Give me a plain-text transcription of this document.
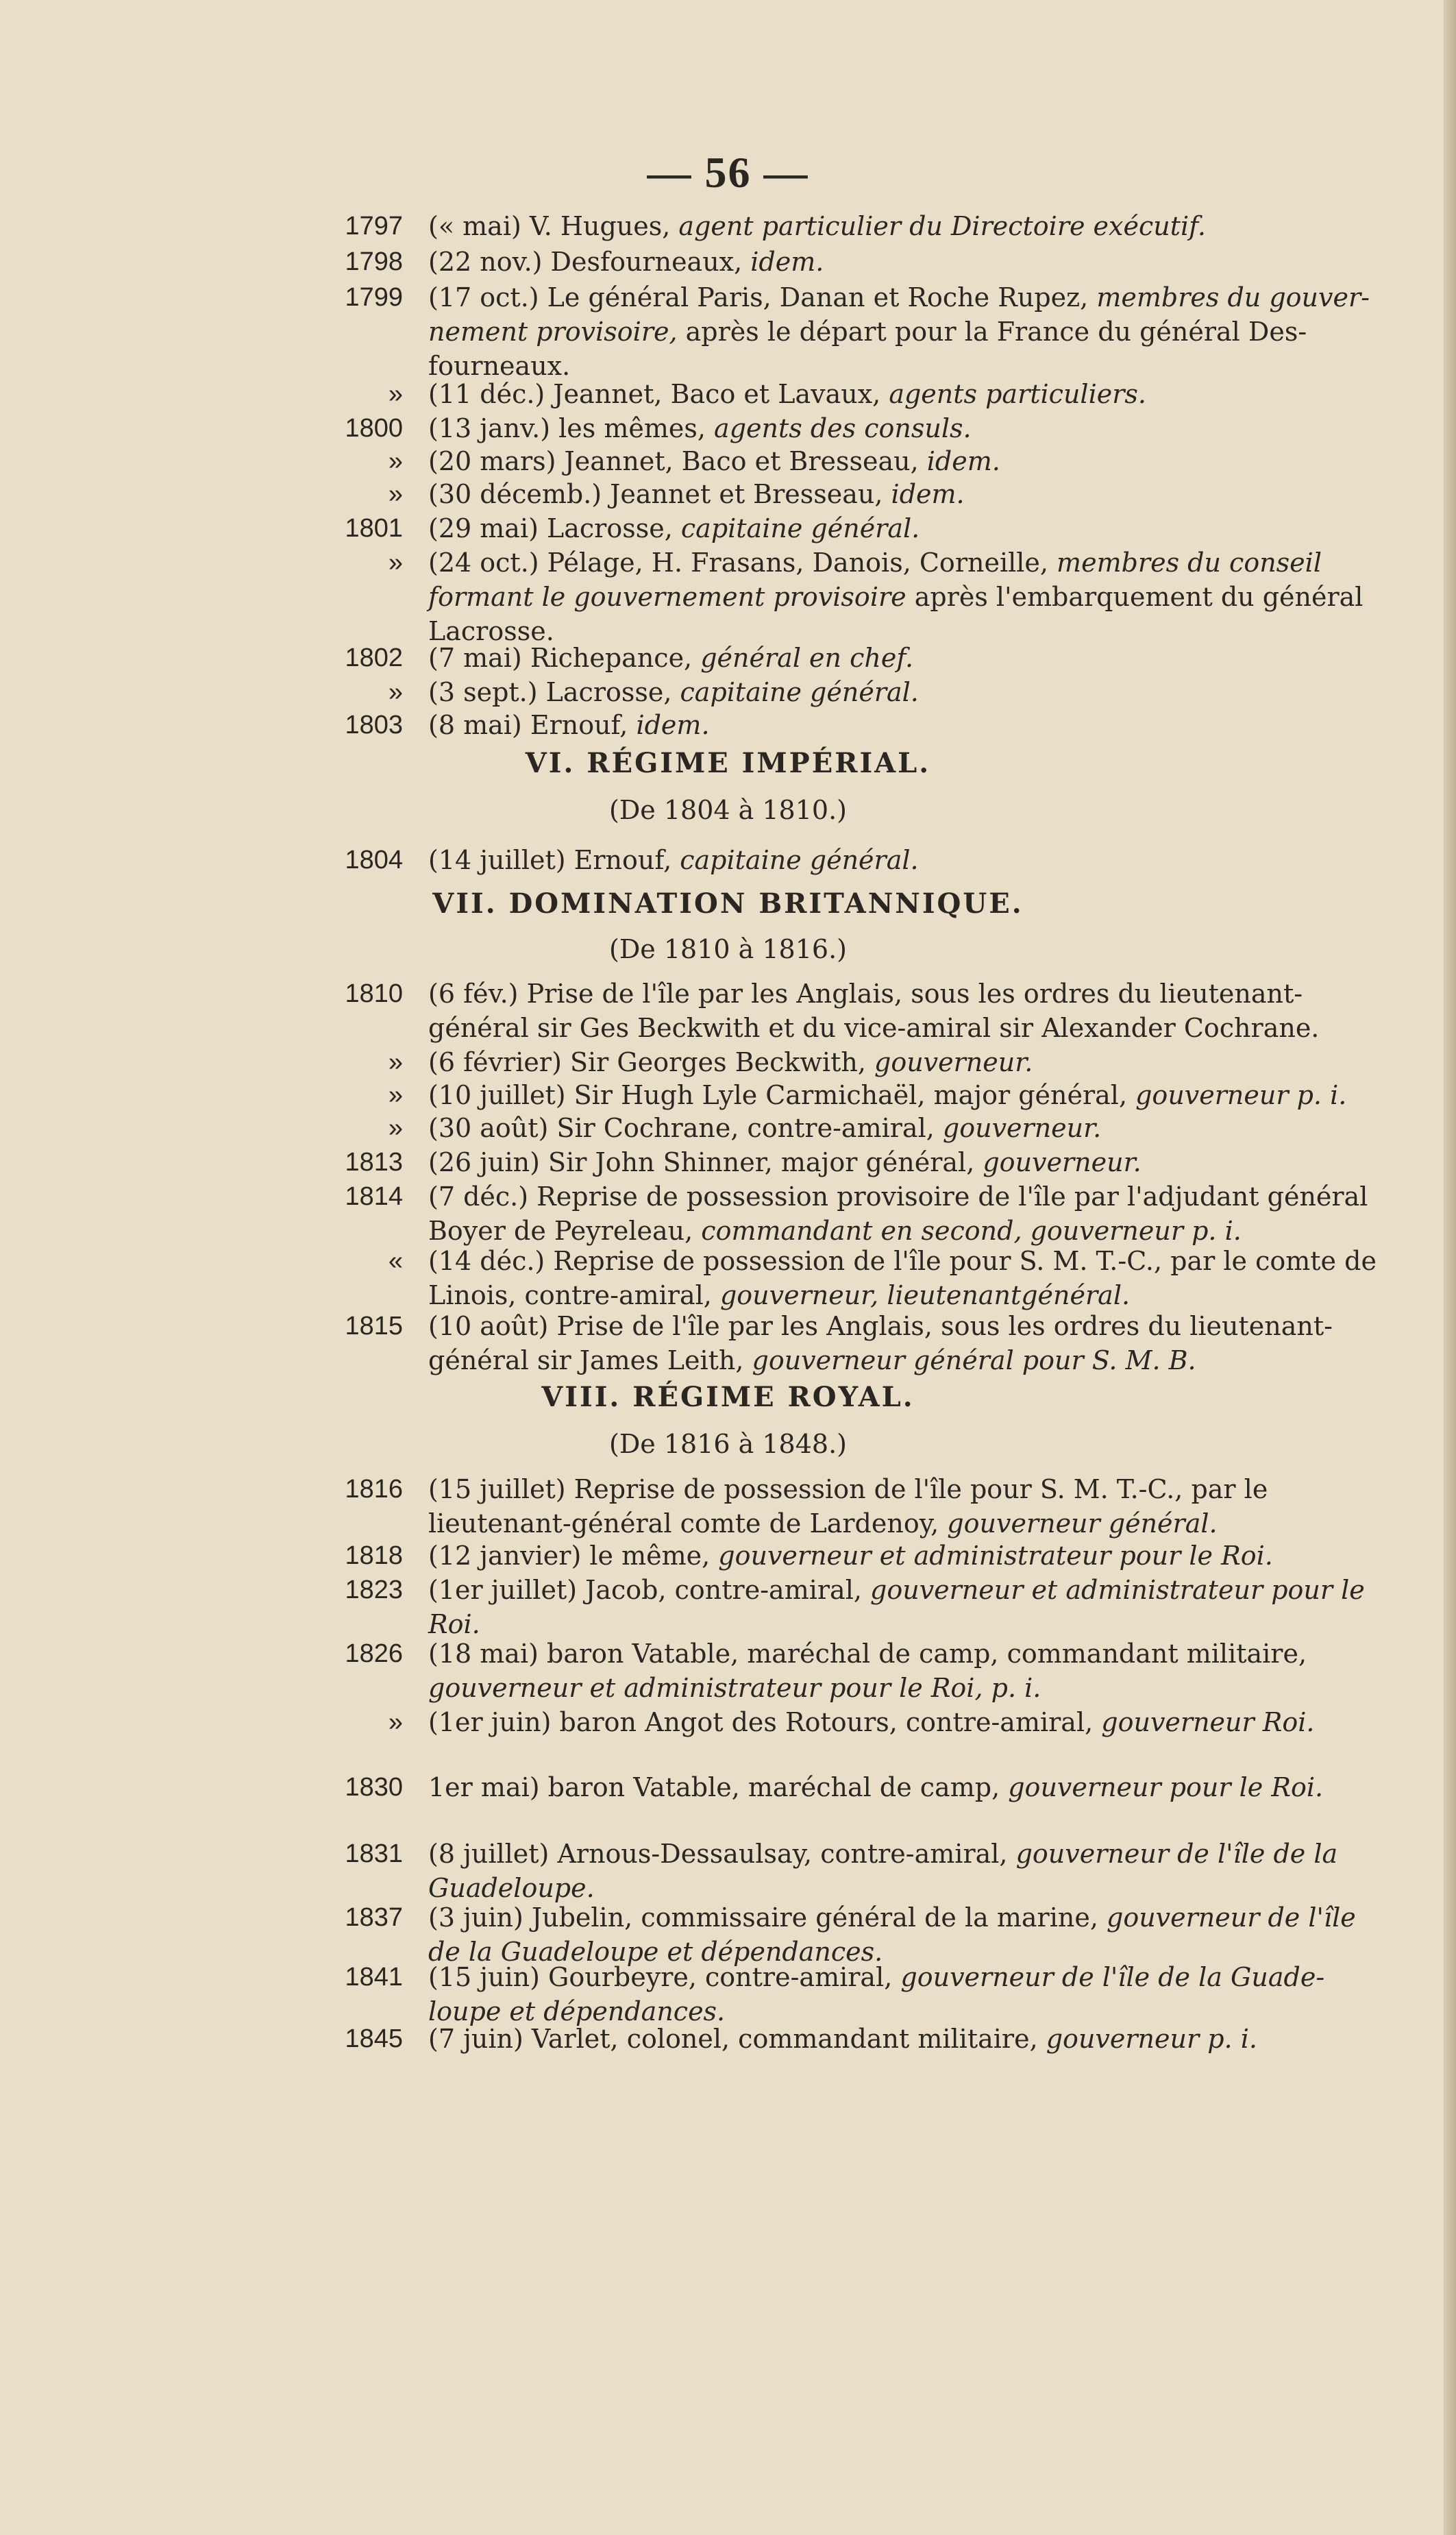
— 56 —
1797 (« mai) V. Hugues, agent particulier du Directoire exécutif.
1798 (22 nov.) Desfourneaux, idem.
1799 (17 oct.) Le général Paris, Danan et Roche Rupez, membres du gouver- nement provisoire, après le départ pour la France du général Des- fourneaux.
» (11 déc.) Jeannet, Baco et Lavaux, agents particuliers.
1800 (13 janv.) les mêmes, agents des consuls.
» (20 mars) Jeannet, Baco et Bresseau, idem.
» (30 décemb.) Jeannet et Bresseau, idem.
1801 (29 mai) Lacrosse, capitaine général.
» (24 oct.) Pélage, H. Frasans, Danois, Corneille, membres du conseil formant le gouvernement provisoire après l'embarquement du général Lacrosse.
1802 (7 mai) Richepance, général en chef.
» (3 sept.) Lacrosse, capitaine général.
1803 (8 mai) Ernouf, idem.
VI. RÉGIME IMPÉRIAL.
(De 1804 à 1810.)
1804 (14 juillet) Ernouf, capitaine général.
VII. DOMINATION BRITANNIQUE.
(De 1810 à 1816.)
1810 (6 fév.) Prise de l'île par les Anglais, sous les ordres du lieutenant- général sir Ges Beckwith et du vice-amiral sir Alexander Cochrane.
» (6 février) Sir Georges Beckwith, gouverneur.
» (10 juillet) Sir Hugh Lyle Carmichaël, major général, gouverneur p. i.
» (30 août) Sir Cochrane, contre-amiral, gouverneur.
1813 (26 juin) Sir John Shinner, major général, gouverneur.
1814 (7 déc.) Reprise de possession provisoire de l'île par l'adjudant général Boyer de Peyreleau, commandant en second, gouverneur p. i.
« (14 déc.) Reprise de possession de l'île pour S. M. T.-C., par le comte de Linois, contre-amiral, gouverneur, lieutenantgénéral.
1815 (10 août) Prise de l'île par les Anglais, sous les ordres du lieutenant- général sir James Leith, gouverneur général pour S. M. B.
VIII. RÉGIME ROYAL.
(De 1816 à 1848.)
1816 (15 juillet) Reprise de possession de l'île pour S. M. T.-C., par le lieutenant-général comte de Lardenoy, gouverneur général.
1818 (12 janvier) le même, gouverneur et administrateur pour le Roi.
1823 (1er juillet) Jacob, contre-amiral, gouverneur et administrateur pour le Roi.
1826 (18 mai) baron Vatable, maréchal de camp, commandant militaire, gouverneur et administrateur pour le Roi, p. i.
» (1er juin) baron Angot des Rotours, contre-amiral, gouverneur Roi.
1830 1er mai) baron Vatable, maréchal de camp, gouverneur pour le Roi.
1831 (8 juillet) Arnous-Dessaulsay, contre-amiral, gouverneur de l'île de la Guadeloupe.
1837 (3 juin) Jubelin, commissaire général de la marine, gouverneur de l'île de la Guadeloupe et dépendances.
1841 (15 juin) Gourbeyre, contre-amiral, gouverneur de l'île de la Guade- loupe et dépendances.
1845 (7 juin) Varlet, colonel, commandant militaire, gouverneur p. i.
